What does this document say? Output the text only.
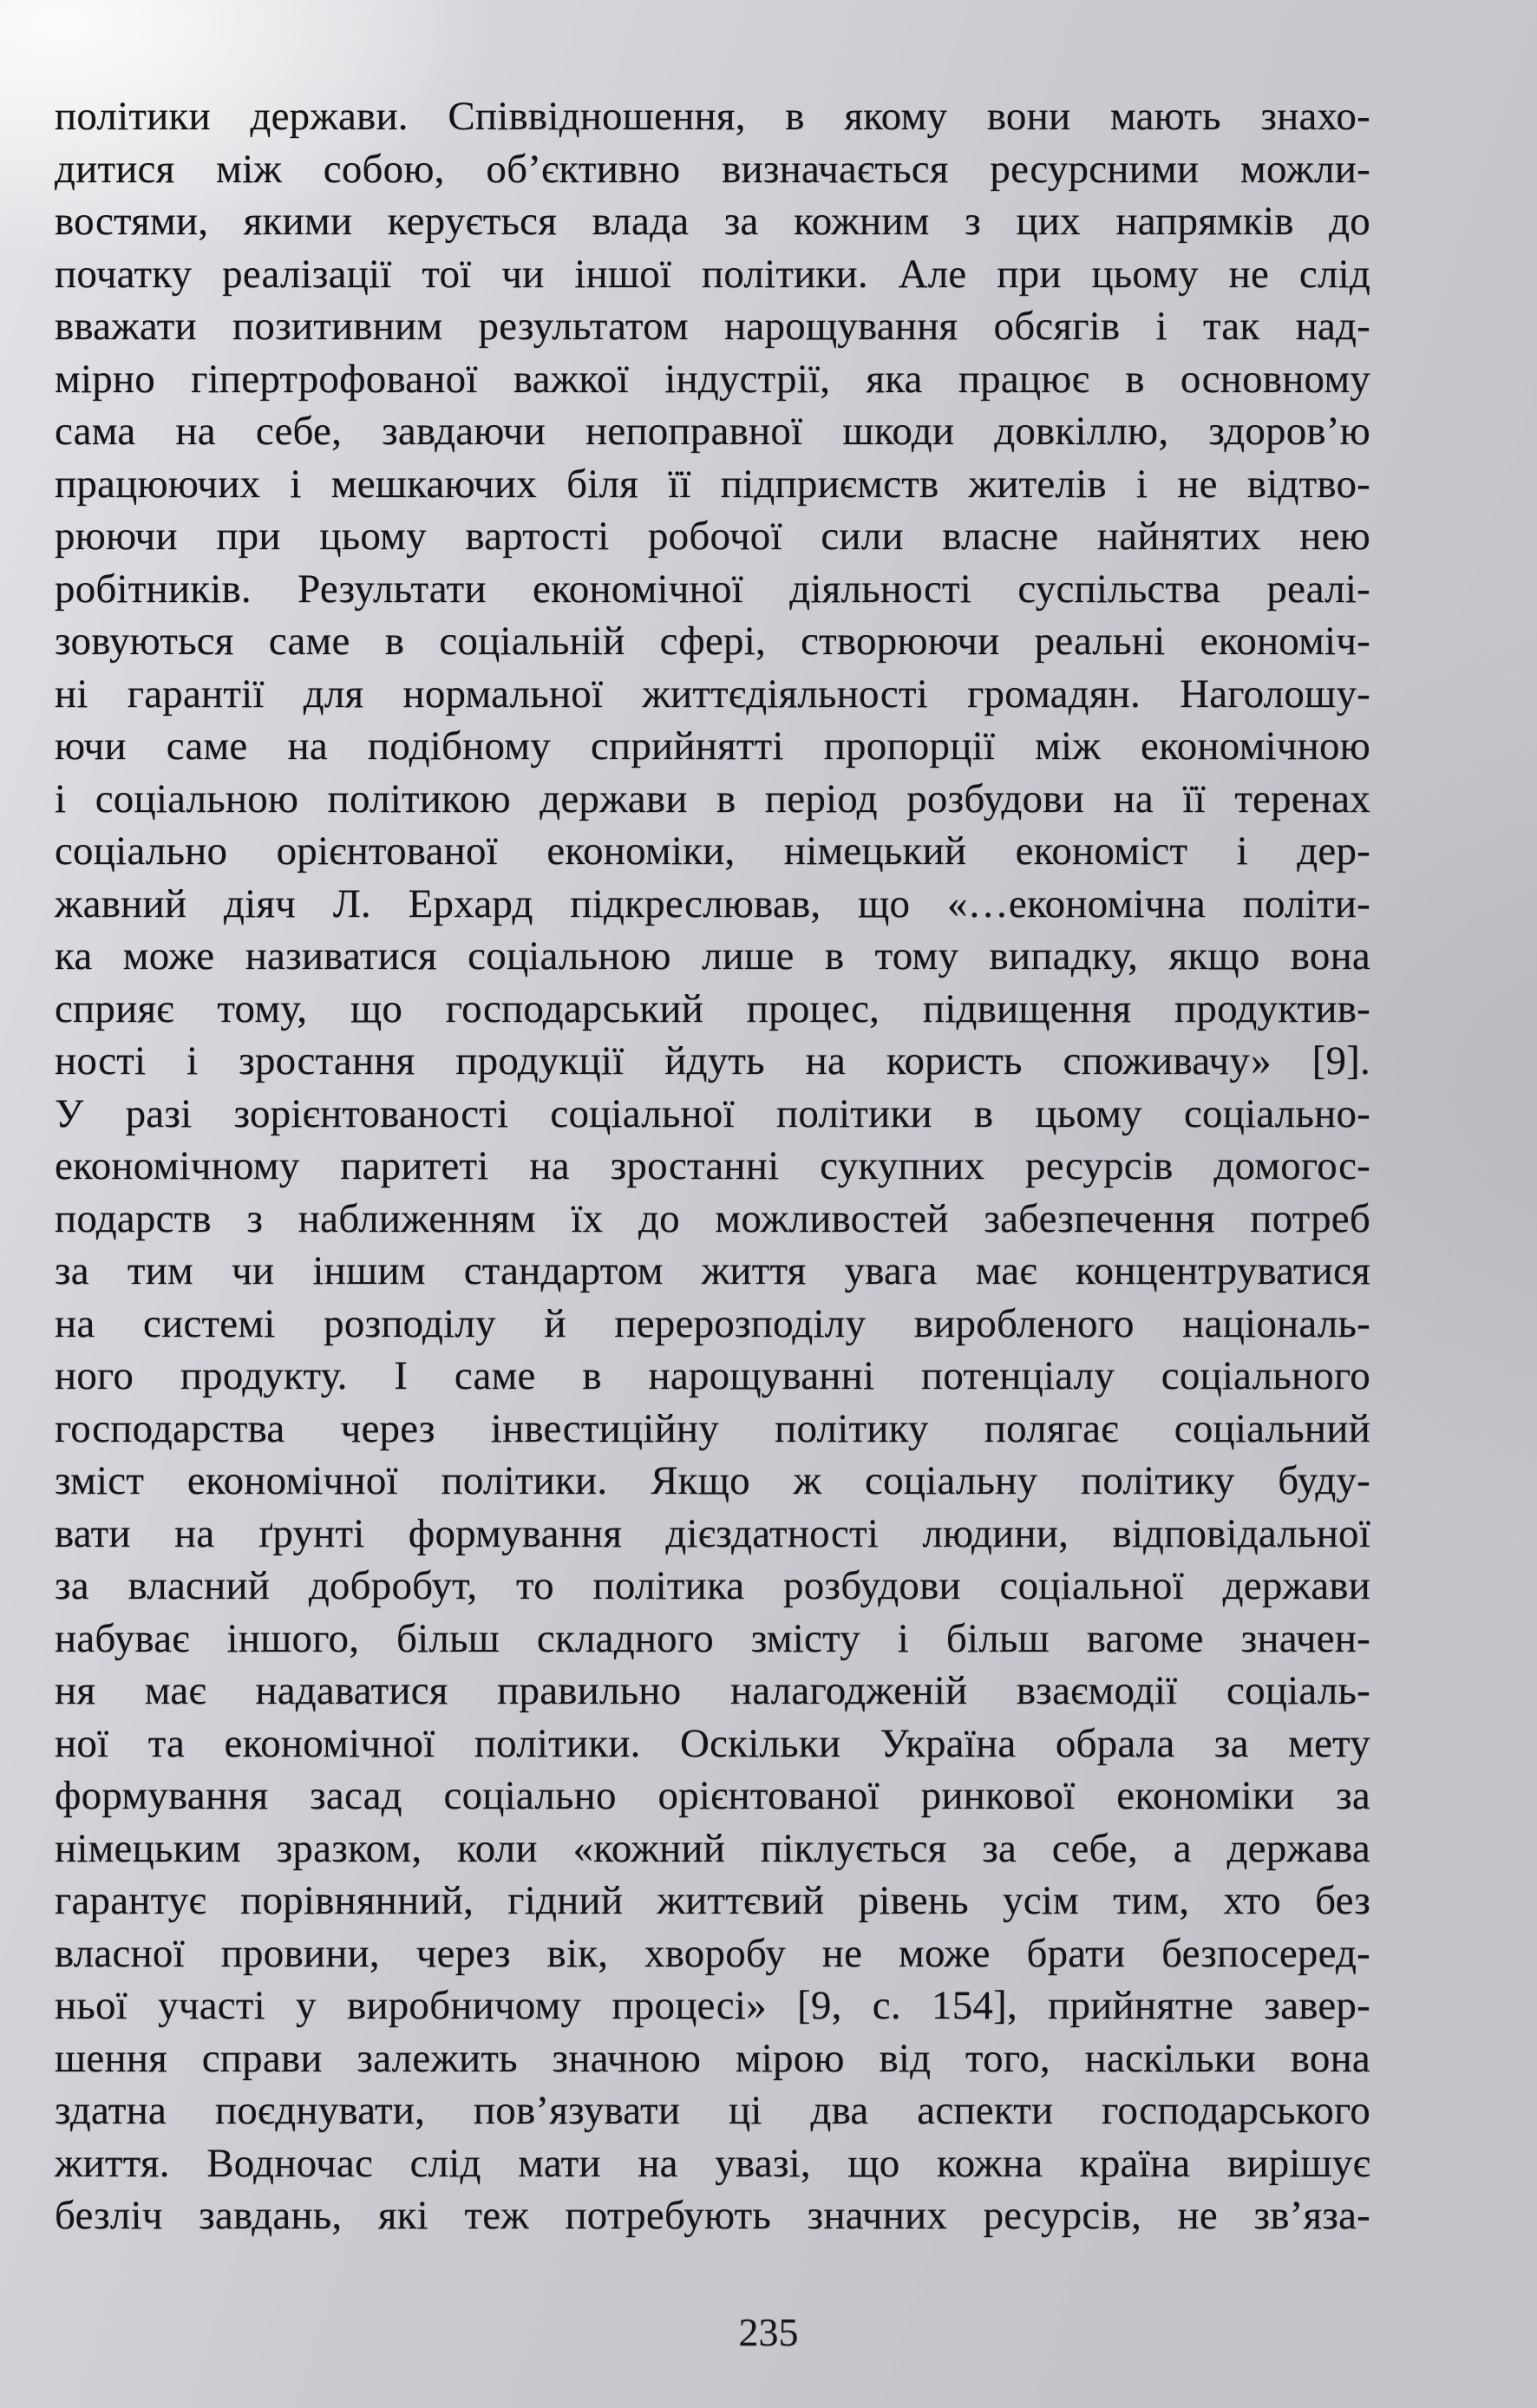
політики держави. Співвідношення, в якому вони мають знахо-
дитися між собою, об’єктивно визначається ресурсними можли-
востями, якими керується влада за кожним з цих напрямків до
початку реалізації тої чи іншої політики. Але при цьому не слід
вважати позитивним результатом нарощування обсягів і так над-
мірно гіпертрофованої важкої індустрії, яка працює в основному
сама на себе, завдаючи непоправної шкоди довкіллю, здоров’ю
працюючих і мешкаючих біля її підприємств жителів і не відтво-
рюючи при цьому вартості робочої сили власне найнятих нею
робітників. Результати економічної діяльності суспільства реалі-
зовуються саме в соціальній сфері, створюючи реальні економіч-
ні гарантії для нормальної життєдіяльності громадян. Наголошу-
ючи саме на подібному сприйнятті пропорції між економічною
і соціальною політикою держави в період розбудови на її теренах
соціально орієнтованої економіки, німецький економіст і дер-
жавний діяч Л. Ерхард підкреслював, що «…економічна політи-
ка може називатися соціальною лише в тому випадку, якщо вона
сприяє тому, що господарський процес, підвищення продуктив-
ності і зростання продукції йдуть на користь споживачу» [9].
У разі зорієнтованості соціальної політики в цьому соціально-
економічному паритеті на зростанні сукупних ресурсів домогос-
подарств з наближенням їх до можливостей забезпечення потреб
за тим чи іншим стандартом життя увага має концентруватися
на системі розподілу й перерозподілу виробленого національ-
ного продукту. І саме в нарощуванні потенціалу соціального
господарства через інвестиційну політику полягає соціальний
зміст економічної політики. Якщо ж соціальну політику буду-
вати на ґрунті формування дієздатності людини, відповідальної
за власний добробут, то політика розбудови соціальної держави
набуває іншого, більш складного змісту і більш вагоме значен-
ня має надаватися правильно налагодженій взаємодії соціаль-
ної та економічної політики. Оскільки Україна обрала за мету
формування засад соціально орієнтованої ринкової економіки за
німецьким зразком, коли «кожний піклується за себе, а держава
гарантує порівнянний, гідний життєвий рівень усім тим, хто без
власної провини, через вік, хворобу не може брати безпосеред-
ньої участі у виробничому процесі» [9, с. 154], прийнятне завер-
шення справи залежить значною мірою від того, наскільки вона
здатна поєднувати, пов’язувати ці два аспекти господарського
життя. Водночас слід мати на увазі, що кожна країна вирішує
безліч завдань, які теж потребують значних ресурсів, не зв’яза-
235
